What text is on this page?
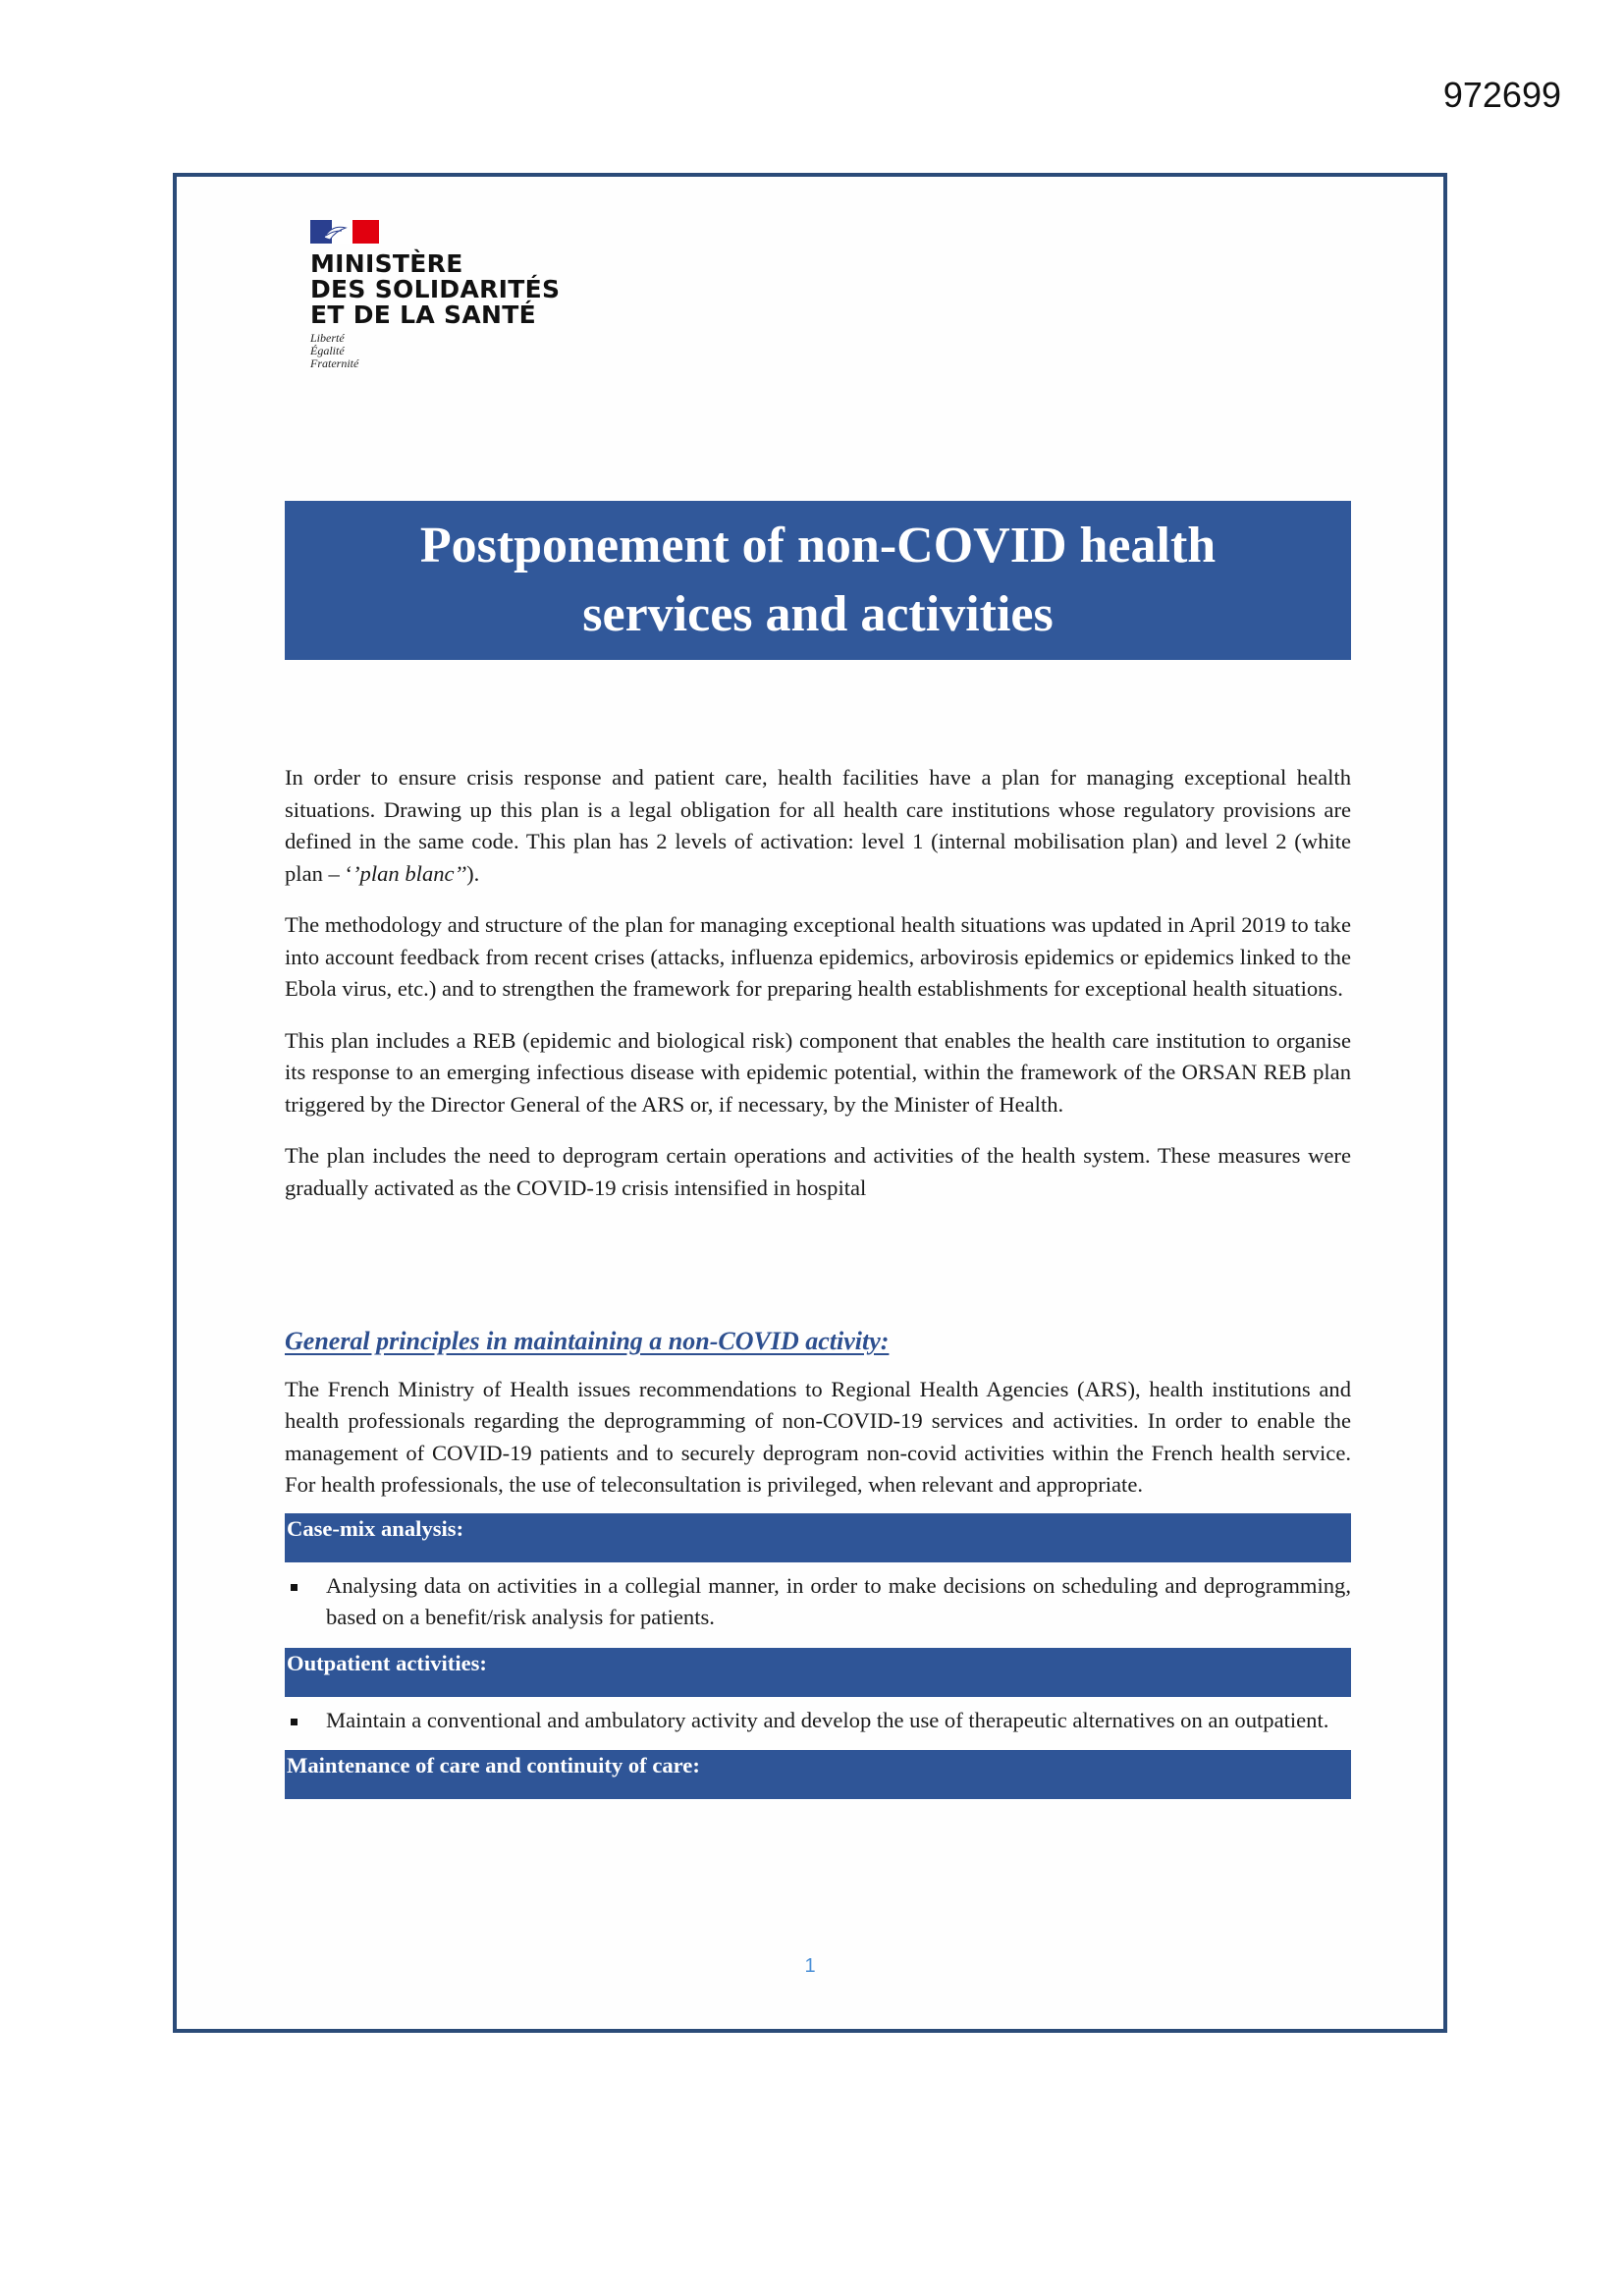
972699
MINISTÈRE
DES SOLIDARITÉS
ET DE LA SANTÉ
Liberté
Égalité
Fraternité
Postponement of non-COVID health
services and activities

In order to ensure crisis response and patient care, health facilities have a plan for managing exceptional health situations. Drawing up this plan is a legal obligation for all health care institutions whose regulatory provisions are defined in the same code. This plan has 2 levels of activation: level 1 (internal mobilisation plan) and level 2 (white plan – ‘’plan blanc’’).

The methodology and structure of the plan for managing exceptional health situations was updated in April 2019 to take into account feedback from recent crises (attacks, influenza epidemics, arbovirosis epidemics or epidemics linked to the Ebola virus, etc.) and to strengthen the framework for preparing health establishments for exceptional health situations.

This plan includes a REB (epidemic and biological risk) component that enables the health care institution to organise its response to an emerging infectious disease with epidemic potential, within the framework of the ORSAN REB plan triggered by the Director General of the ARS or, if necessary, by the Minister of Health.

The plan includes the need to deprogram certain operations and activities of the health system. These measures were gradually activated as the COVID-19 crisis intensified in hospital

General principles in maintaining a non-COVID activity:

The French Ministry of Health issues recommendations to Regional Health Agencies (ARS), health institutions and health professionals regarding the deprogramming of non-COVID-19 services and activities. In order to enable the management of COVID-19 patients and to securely deprogram non-covid activities within the French health service. For health professionals, the use of teleconsultation is privileged, when relevant and appropriate.

Case-mix analysis:
Analysing data on activities in a collegial manner, in order to make decisions on scheduling and deprogramming, based on a benefit/risk analysis for patients.
Outpatient activities:
Maintain a conventional and ambulatory activity and develop the use of therapeutic alternatives on an outpatient.
Maintenance of care and continuity of care:
1
